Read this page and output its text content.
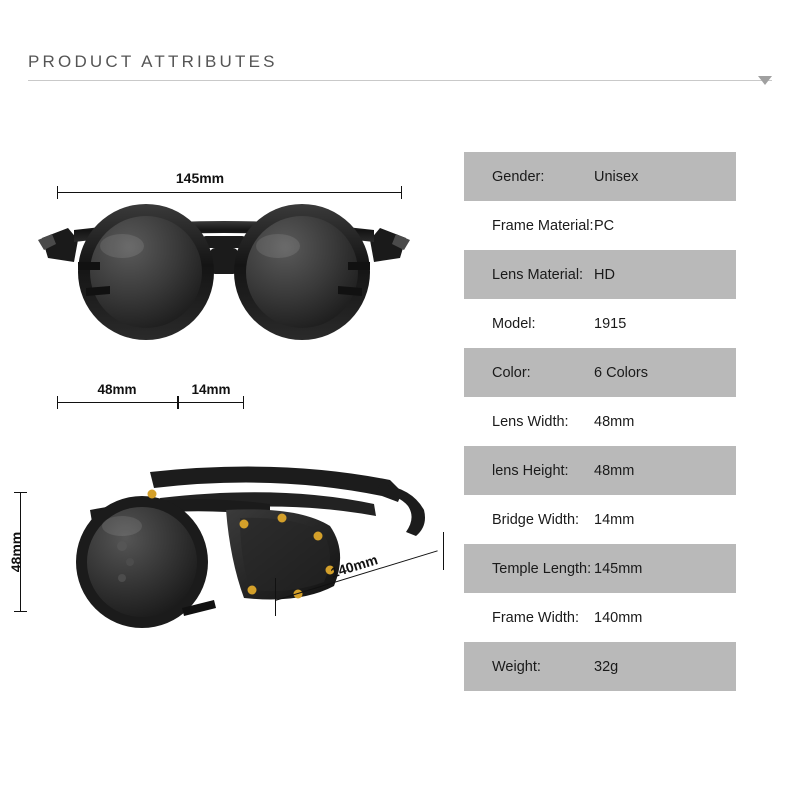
PRODUCT ATTRIBUTES
145mm
48mm	14mm
48mm	140mm
Gender:	Unisex
Frame Material: PC
Lens Material: HD
Model:	1915
Color:	6 Colors
Lens Width:	48mm
lens Height:	48mm
Bridge Width:	14mm
Temple Length: 145mm
Frame Width:	140mm
Weight:	32g
